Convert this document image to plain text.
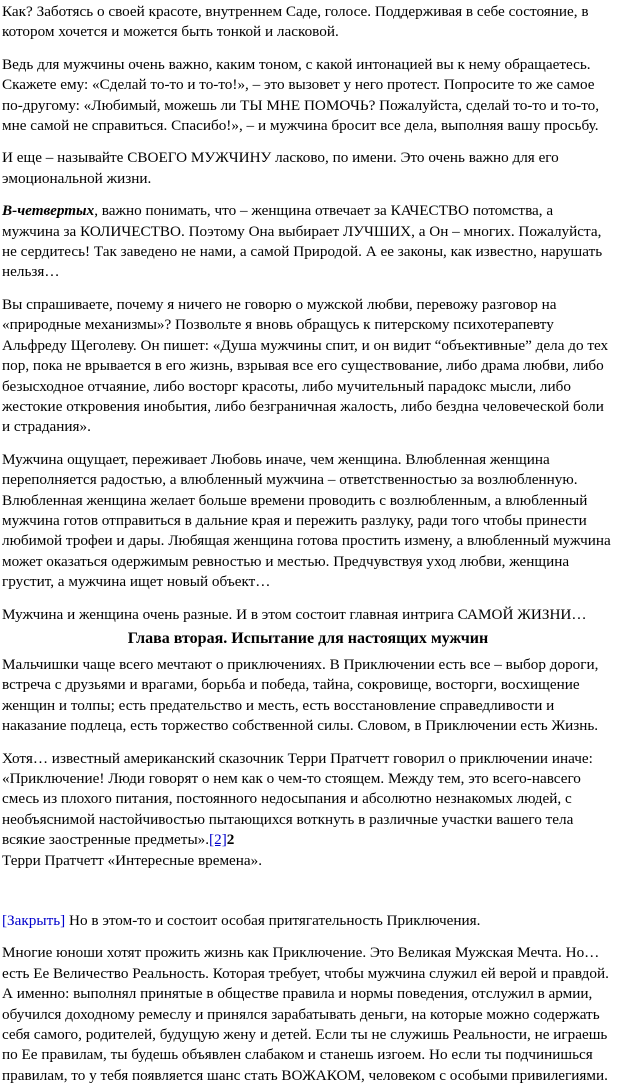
Как? Заботясь о своей красоте, внутреннем Саде, голосе. Поддерживая в себе состояние, в котором хочется и можется быть тонкой и ласковой.

Ведь для мужчины очень важно, каким тоном, с какой интонацией вы к нему обращаетесь. Скажете ему: «Сделай то-то и то-то!», – это вызовет у него протест. Попросите то же самое по-другому: «Любимый, можешь ли ТЫ МНЕ ПОМОЧЬ? Пожалуйста, сделай то-то и то-то, мне самой не справиться. Спасибо!», – и мужчина бросит все дела, выполняя вашу просьбу.

И еще – называйте СВОЕГО МУЖЧИНУ ласково, по имени. Это очень важно для его эмоциональной жизни.

В-четвертых, важно понимать, что – женщина отвечает за КАЧЕСТВО потомства, а мужчина за КОЛИЧЕСТВО. Поэтому Она выбирает ЛУЧШИХ, а Он – многих. Пожалуйста, не сердитесь! Так заведено не нами, а самой Природой. А ее законы, как известно, нарушать нельзя…

Вы спрашиваете, почему я ничего не говорю о мужской любви, перевожу разговор на «природные механизмы»? Позвольте я вновь обращусь к питерскому психотерапевту Альфреду Щеголеву. Он пишет: «Душа мужчины спит, и он видит “объективные” дела до тех пор, пока не врывается в его жизнь, взрывая все его существование, либо драма любви, либо безысходное отчаяние, либо восторг красоты, либо мучительный парадокс мысли, либо жестокие откровения инобытия, либо безграничная жалость, либо бездна человеческой боли и страдания».

Мужчина ощущает, переживает Любовь иначе, чем женщина. Влюбленная женщина переполняется радостью, а влюбленный мужчина – ответственностью за возлюбленную. Влюбленная женщина желает больше времени проводить с возлюбленным, а влюбленный мужчина готов отправиться в дальние края и пережить разлуку, ради того чтобы принести любимой трофеи и дары. Любящая женщина готова простить измену, а влюбленный мужчина может оказаться одержимым ревностью и местью. Предчувствуя уход любви, женщина грустит, а мужчина ищет новый объект…

Мужчина и женщина очень разные. И в этом состоит главная интрига САМОЙ ЖИЗНИ…

Глава вторая. Испытание для настоящих мужчин

Мальчишки чаще всего мечтают о приключениях. В Приключении есть все – выбор дороги, встреча с друзьями и врагами, борьба и победа, тайна, сокровище, восторги, восхищение женщин и толпы; есть предательство и месть, есть восстановление справедливости и наказание подлеца, есть торжество собственной силы. Словом, в Приключении есть Жизнь.

Хотя… известный американский сказочник Терри Пратчетт говорил о приключении иначе: «Приключение! Люди говорят о нем как о чем-то стоящем. Между тем, это всего-навсего смесь из плохого питания, постоянного недосыпания и абсолютно незнакомых людей, с необъяснимой настойчивостью пытающихся воткнуть в различные участки вашего тела всякие заостренные предметы».[2]2

Терри Пратчетт «Интересные времена».

[Закрыть] Но в этом-то и состоит особая притягательность Приключения.

Многие юноши хотят прожить жизнь как Приключение. Это Великая Мужская Мечта. Но… есть Ее Величество Реальность. Которая требует, чтобы мужчина служил ей верой и правдой. А именно: выполнял принятые в обществе правила и нормы поведения, отслужил в армии, обучился доходному ремеслу и принялся зарабатывать деньги, на которые можно содержать себя самого, родителей, будущую жену и детей. Если ты не служишь Реальности, не играешь по Ее правилам, ты будешь объявлен слабаком и станешь изгоем. Но если ты подчинишься правилам, то у тебя появляется шанс стать ВОЖАКОМ, человеком с особыми привилегиями.
